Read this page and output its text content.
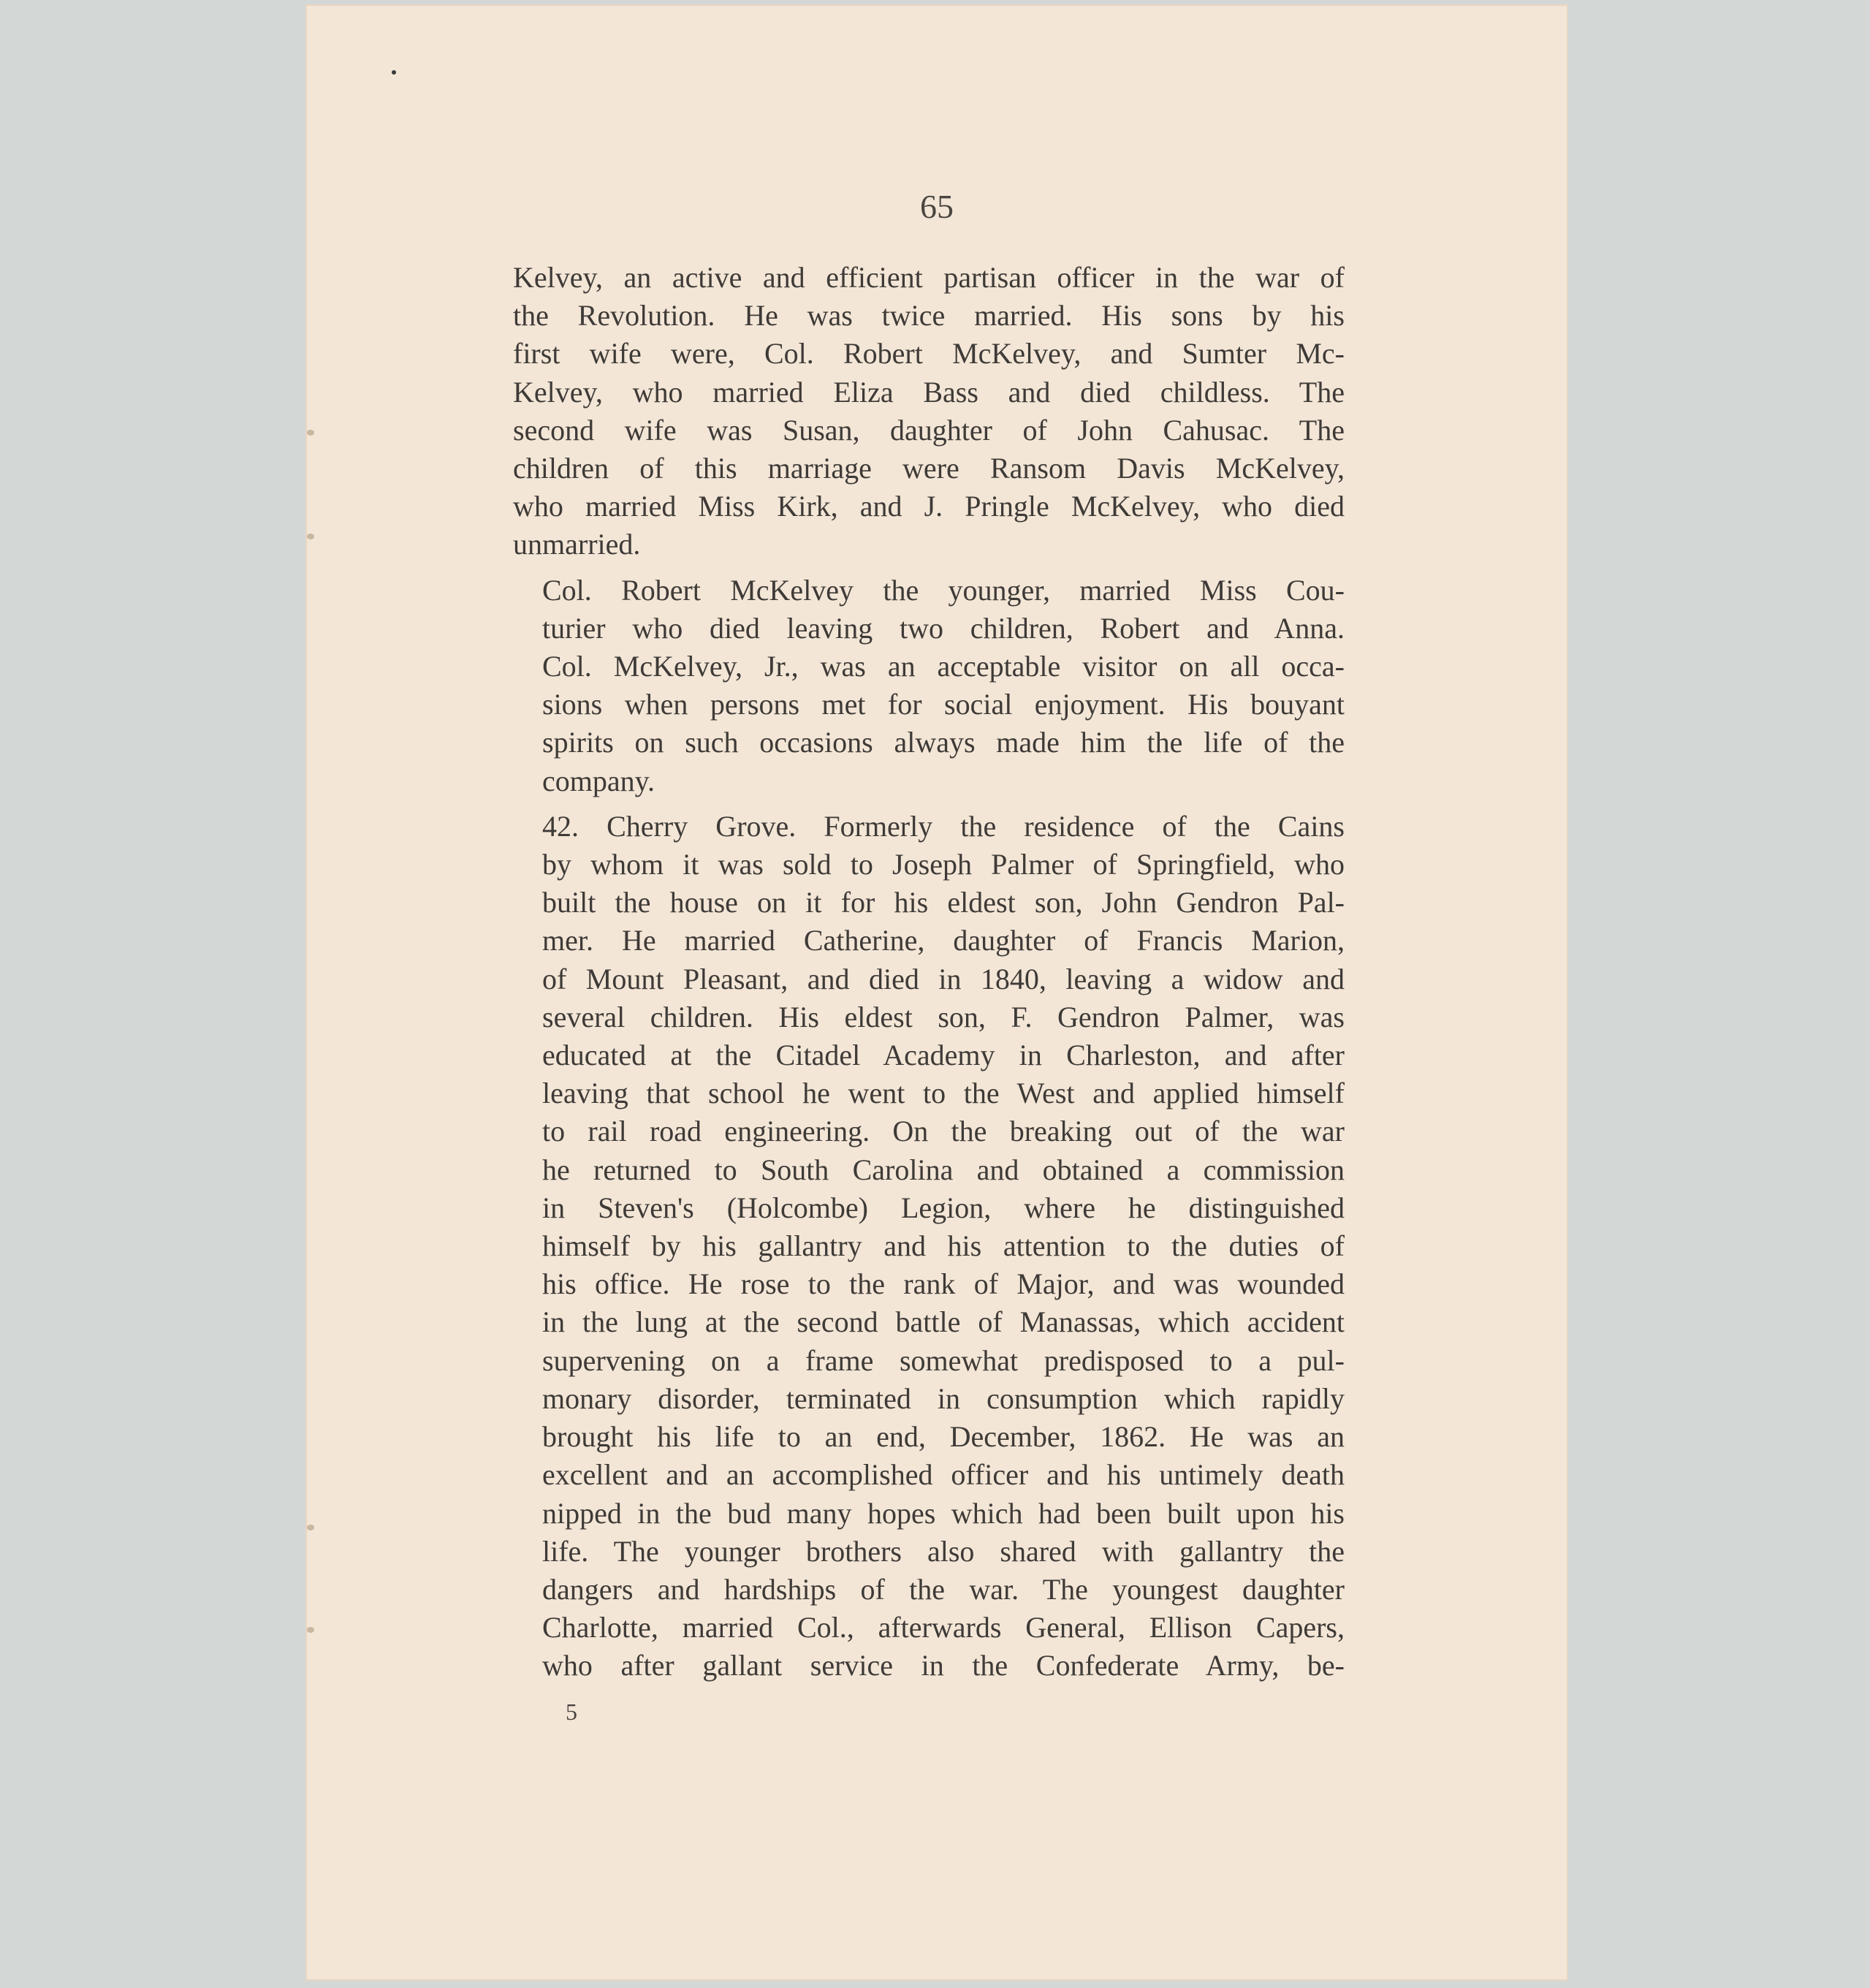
65

Kelvey, an active and efficient partisan officer in the war of
the Revolution. He was twice married. His sons by his
first wife were, Col. Robert McKelvey, and Sumter Mc-
Kelvey, who married Eliza Bass and died childless. The
second wife was Susan, daughter of John Cahusac. The
children of this marriage were Ransom Davis McKelvey,
who married Miss Kirk, and J. Pringle McKelvey, who died
unmarried.

Col. Robert McKelvey the younger, married Miss Cou-
turier who died leaving two children, Robert and Anna.
Col. McKelvey, Jr., was an acceptable visitor on all occa-
sions when persons met for social enjoyment. His bouyant
spirits on such occasions always made him the life of the
company.

42. Cherry Grove. Formerly the residence of the Cains
by whom it was sold to Joseph Palmer of Springfield, who
built the house on it for his eldest son, John Gendron Pal-
mer. He married Catherine, daughter of Francis Marion,
of Mount Pleasant, and died in 1840, leaving a widow and
several children. His eldest son, F. Gendron Palmer, was
educated at the Citadel Academy in Charleston, and after
leaving that school he went to the West and applied himself
to rail road engineering. On the breaking out of the war
he returned to South Carolina and obtained a commission
in Steven's (Holcombe) Legion, where he distinguished
himself by his gallantry and his attention to the duties of
his office. He rose to the rank of Major, and was wounded
in the lung at the second battle of Manassas, which accident
supervening on a frame somewhat predisposed to a pul-
monary disorder, terminated in consumption which rapidly
brought his life to an end, December, 1862. He was an
excellent and an accomplished officer and his untimely death
nipped in the bud many hopes which had been built upon his
life. The younger brothers also shared with gallantry the
dangers and hardships of the war. The youngest daughter
Charlotte, married Col., afterwards General, Ellison Capers,
who after gallant service in the Confederate Army, be-

5
